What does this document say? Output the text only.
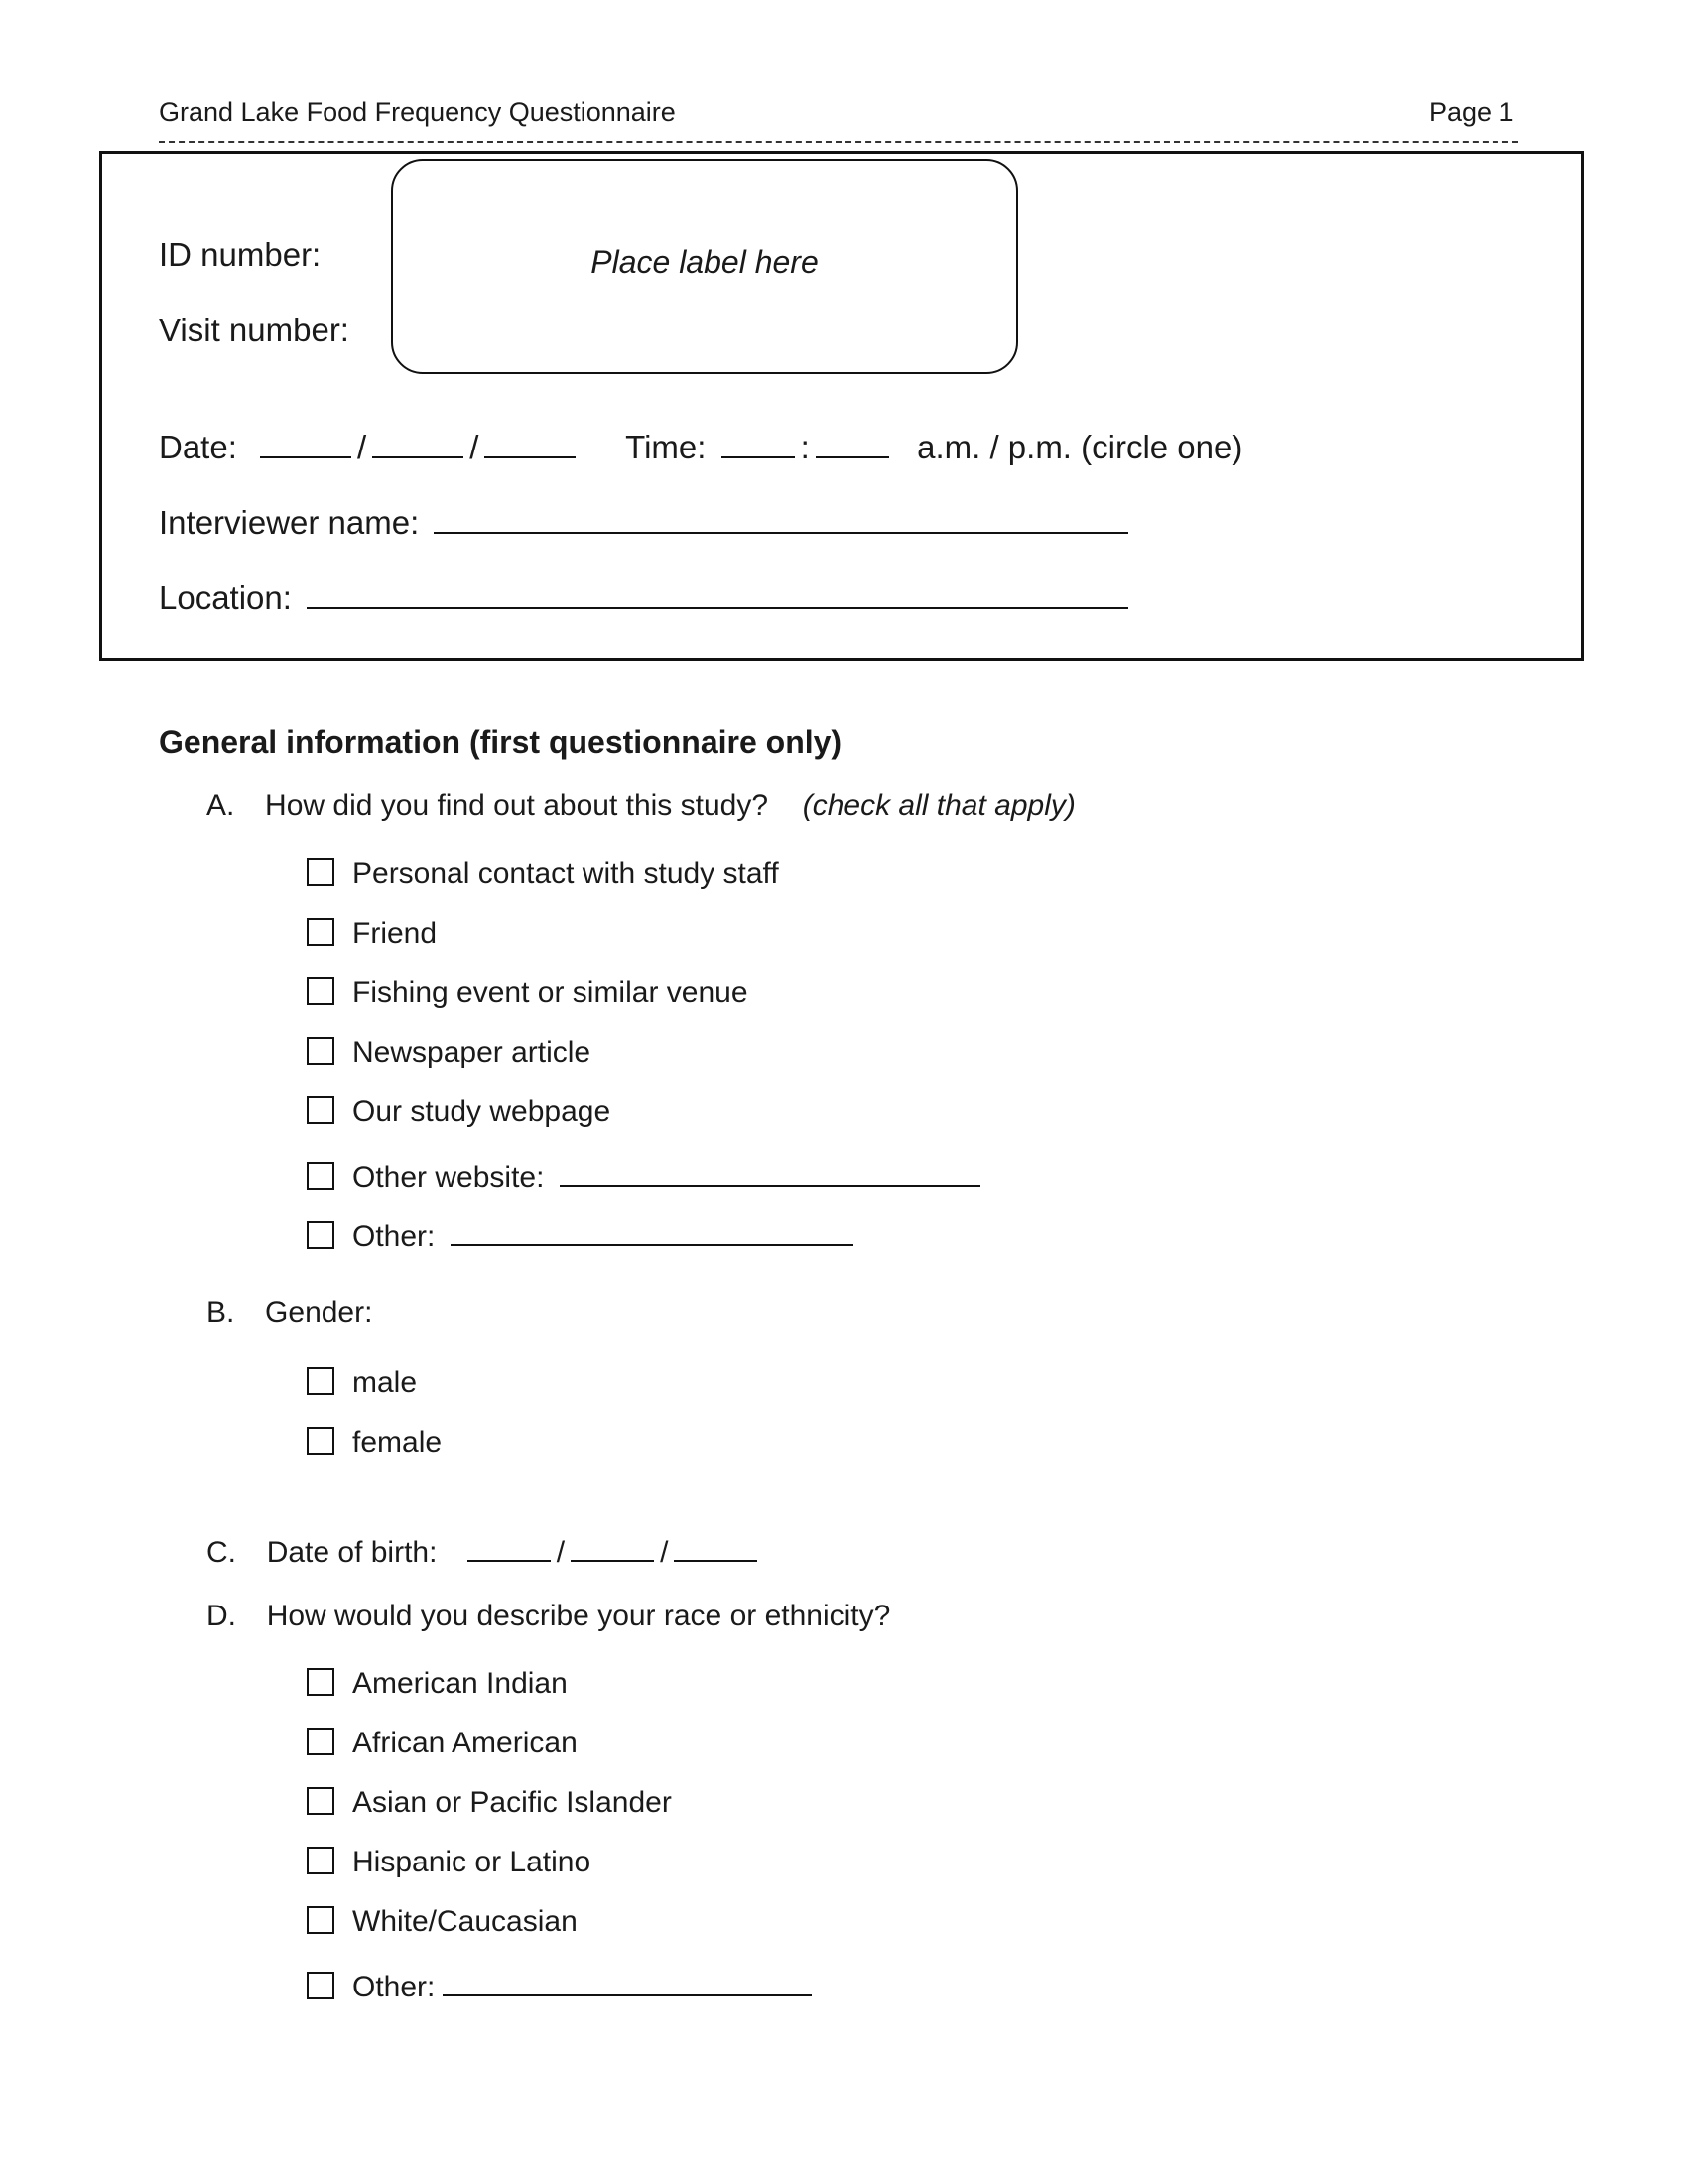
Grand Lake Food Frequency Questionnaire	Page 1
Place label here
ID number:
Visit number:
Date:	/	/	Time:	:	a.m. / p.m. (circle one)
Interviewer name:
Location:
General information (first questionnaire only)
A. How did you find out about this study? (check all that apply)
Personal contact with study staff
Friend
Fishing event or similar venue
Newspaper article
Our study webpage
Other website:
Other:
B. Gender:
male
female
C. Date of birth:	/	/
D. How would you describe your race or ethnicity?
American Indian
African American
Asian or Pacific Islander
Hispanic or Latino
White/Caucasian
Other:
